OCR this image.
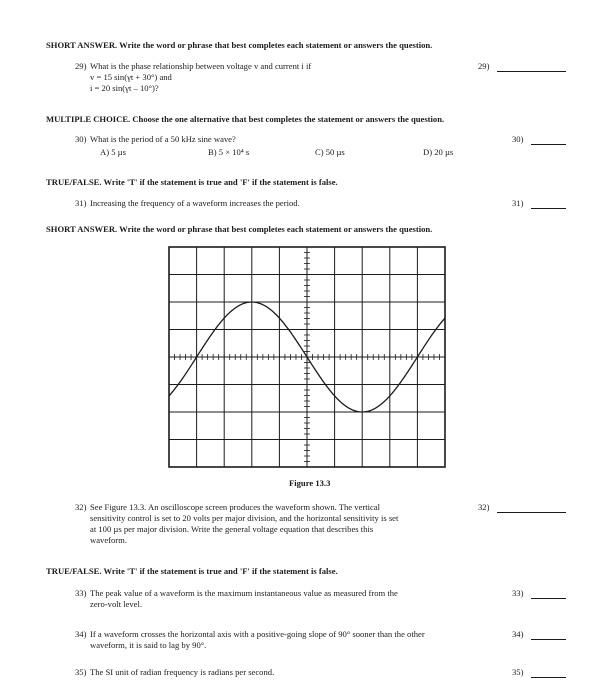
SHORT ANSWER. Write the word or phrase that best completes each statement or answers the question.
29) What is the phase relationship between voltage v and current i if
v = 15 sin(γt + 30°) and
i = 20 sin(γt – 10°)?
29)
MULTIPLE CHOICE. Choose the one alternative that best completes the statement or answers the question.
30) What is the period of a 50 kHz sine wave?
A) 5 µs	B) 5 × 10⁴ s	C) 50 µs	D) 20 µs
30)
TRUE/FALSE. Write 'T' if the statement is true and 'F' if the statement is false.
31) Increasing the frequency of a waveform increases the period.	31)
SHORT ANSWER. Write the word or phrase that best completes each statement or answers the question.
Figure 13.3
32) See Figure 13.3. An oscilloscope screen produces the waveform shown. The vertical
sensitivity control is set to 20 volts per major division, and the horizontal sensitivity is set
at 100 µs per major division. Write the general voltage equation that describes this
waveform.
32)
TRUE/FALSE. Write 'T' if the statement is true and 'F' if the statement is false.
33) The peak value of a waveform is the maximum instantaneous value as measured from the
zero-volt level.
33)
34) If a waveform crosses the horizontal axis with a positive-going slope of 90° sooner than the other
waveform, it is said to lag by 90°.
34)
35) The SI unit of radian frequency is radians per second.	35)
